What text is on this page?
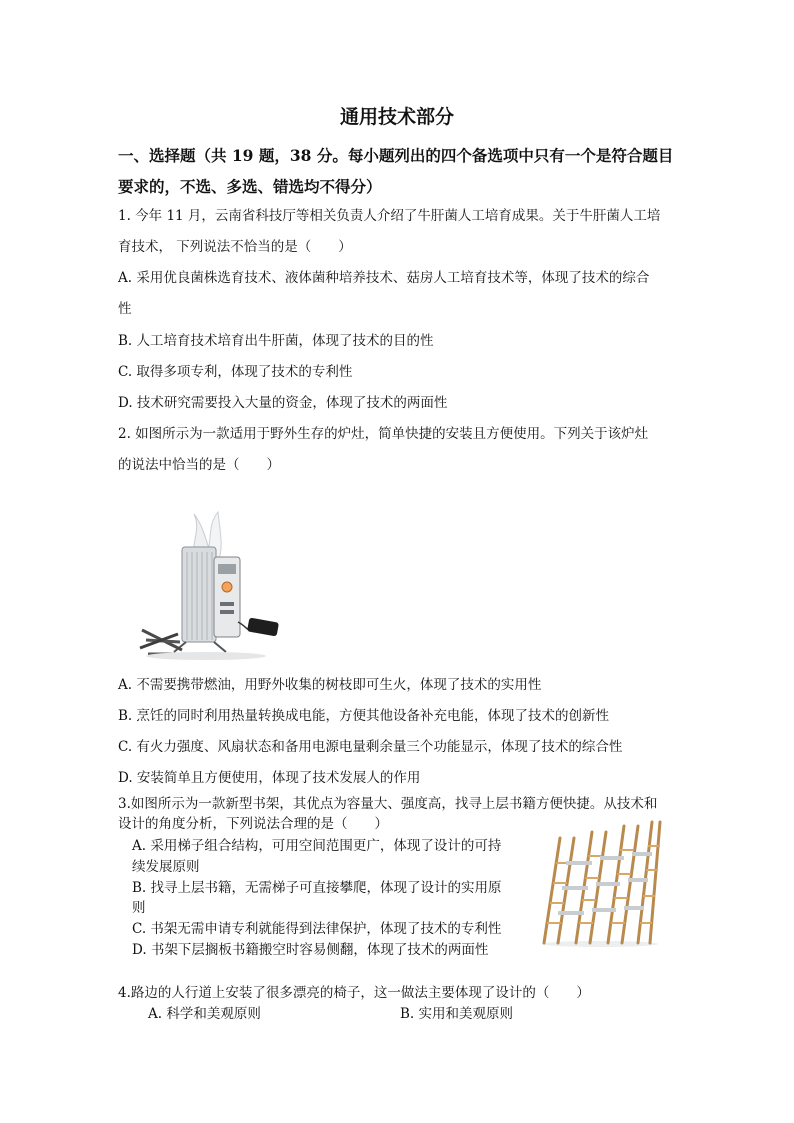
通用技术部分
一、选择题（共 19 题，38 分。每小题列出的四个备选项中只有一个是符合题目
要求的，不选、多选、错选均不得分）
1. 今年 11 月，云南省科技厅等相关负责人介绍了牛肝菌人工培育成果。关于牛肝菌人工培
育技术， 下列说法不恰当的是（　　）
A. 采用优良菌株选育技术、液体菌种培养技术、菇房人工培育技术等，体现了技术的综合
性
B. 人工培育技术培育出牛肝菌，体现了技术的目的性
C. 取得多项专利，体现了技术的专利性
D. 技术研究需要投入大量的资金，体现了技术的两面性
2. 如图所示为一款适用于野外生存的炉灶，简单快捷的安装且方便使用。下列关于该炉灶
的说法中恰当的是（　　）
A. 不需要携带燃油，用野外收集的树枝即可生火，体现了技术的实用性
B. 烹饪的同时利用热量转换成电能，方便其他设备补充电能，体现了技术的创新性
C. 有火力强度、风扇状态和备用电源电量剩余量三个功能显示，体现了技术的综合性
D. 安装简单且方便使用，体现了技术发展人的作用
3.如图所示为一款新型书架，其优点为容量大、强度高，找寻上层书籍方便快捷。从技术和
设计的角度分析，下列说法合理的是（　　）
A. 采用梯子组合结构，可用空间范围更广，体现了设计的可持
续发展原则
B. 找寻上层书籍，无需梯子可直接攀爬，体现了设计的实用原
则
C. 书架无需申请专利就能得到法律保护，体现了技术的专利性
D. 书架下层搁板书籍搬空时容易侧翻，体现了技术的两面性
4.路边的人行道上安装了很多漂亮的椅子，这一做法主要体现了设计的（　　）
A. 科学和美观原则	B. 实用和美观原则
